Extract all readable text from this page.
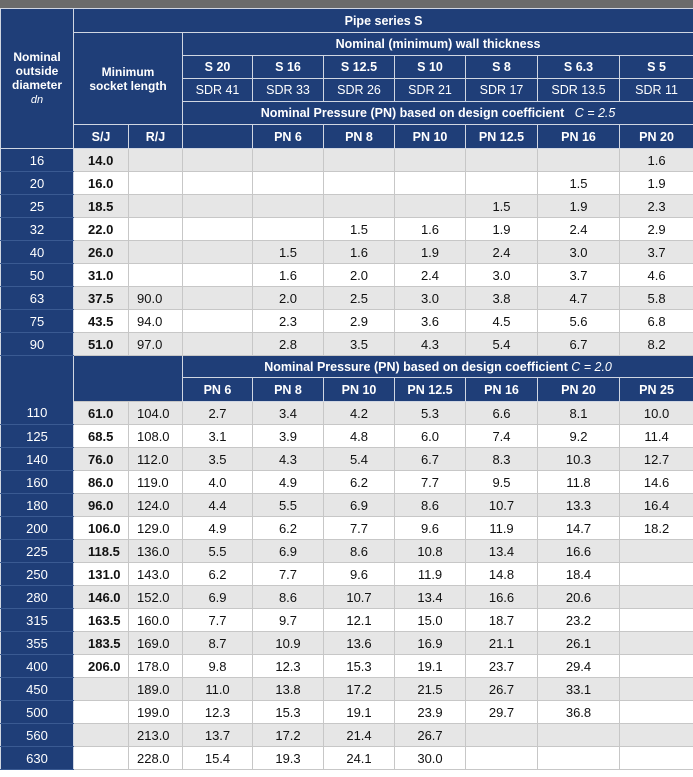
Nominal
outside
diameter
dn	Pipe series S								
	Minimum
socket length		Nominal (minimum) wall thickness						
			S 20	S 16	S 12.5	S 10	S 8	S 6.3	S 5
			SDR 41	SDR 33	SDR 26	SDR 21	SDR 17	SDR 13.5	SDR 11
			Nominal Pressure (PN) based on design coefficient C = 2.5						
	S/J	R/J		PN 6	PN 8	PN 10	PN 12.5	PN 16	PN 20
16	14.0								1.6
20	16.0							1.5	1.9
25	18.5						1.5	1.9	2.3
32	22.0				1.5	1.6	1.9	2.4	2.9
40	26.0			1.5	1.6	1.9	2.4	3.0	3.7
50	31.0			1.6	2.0	2.4	3.0	3.7	4.6
63	37.5	90.0		2.0	2.5	3.0	3.8	4.7	5.8
75	43.5	94.0		2.3	2.9	3.6	4.5	5.6	6.8
90	51.0	97.0		2.8	3.5	4.3	5.4	6.7	8.2
			Nominal Pressure (PN) based on design coefficient C = 2.0						
			PN 6	PN 8	PN 10	PN 12.5	PN 16	PN 20	PN 25
110	61.0	104.0	2.7	3.4	4.2	5.3	6.6	8.1	10.0
125	68.5	108.0	3.1	3.9	4.8	6.0	7.4	9.2	11.4
140	76.0	112.0	3.5	4.3	5.4	6.7	8.3	10.3	12.7
160	86.0	119.0	4.0	4.9	6.2	7.7	9.5	11.8	14.6
180	96.0	124.0	4.4	5.5	6.9	8.6	10.7	13.3	16.4
200	106.0	129.0	4.9	6.2	7.7	9.6	11.9	14.7	18.2
225	118.5	136.0	5.5	6.9	8.6	10.8	13.4	16.6	
250	131.0	143.0	6.2	7.7	9.6	11.9	14.8	18.4	
280	146.0	152.0	6.9	8.6	10.7	13.4	16.6	20.6	
315	163.5	160.0	7.7	9.7	12.1	15.0	18.7	23.2	
355	183.5	169.0	8.7	10.9	13.6	16.9	21.1	26.1	
400	206.0	178.0	9.8	12.3	15.3	19.1	23.7	29.4	
450		189.0	11.0	13.8	17.2	21.5	26.7	33.1	
500		199.0	12.3	15.3	19.1	23.9	29.7	36.8	
560		213.0	13.7	17.2	21.4	26.7			
630		228.0	15.4	19.3	24.1	30.0			
